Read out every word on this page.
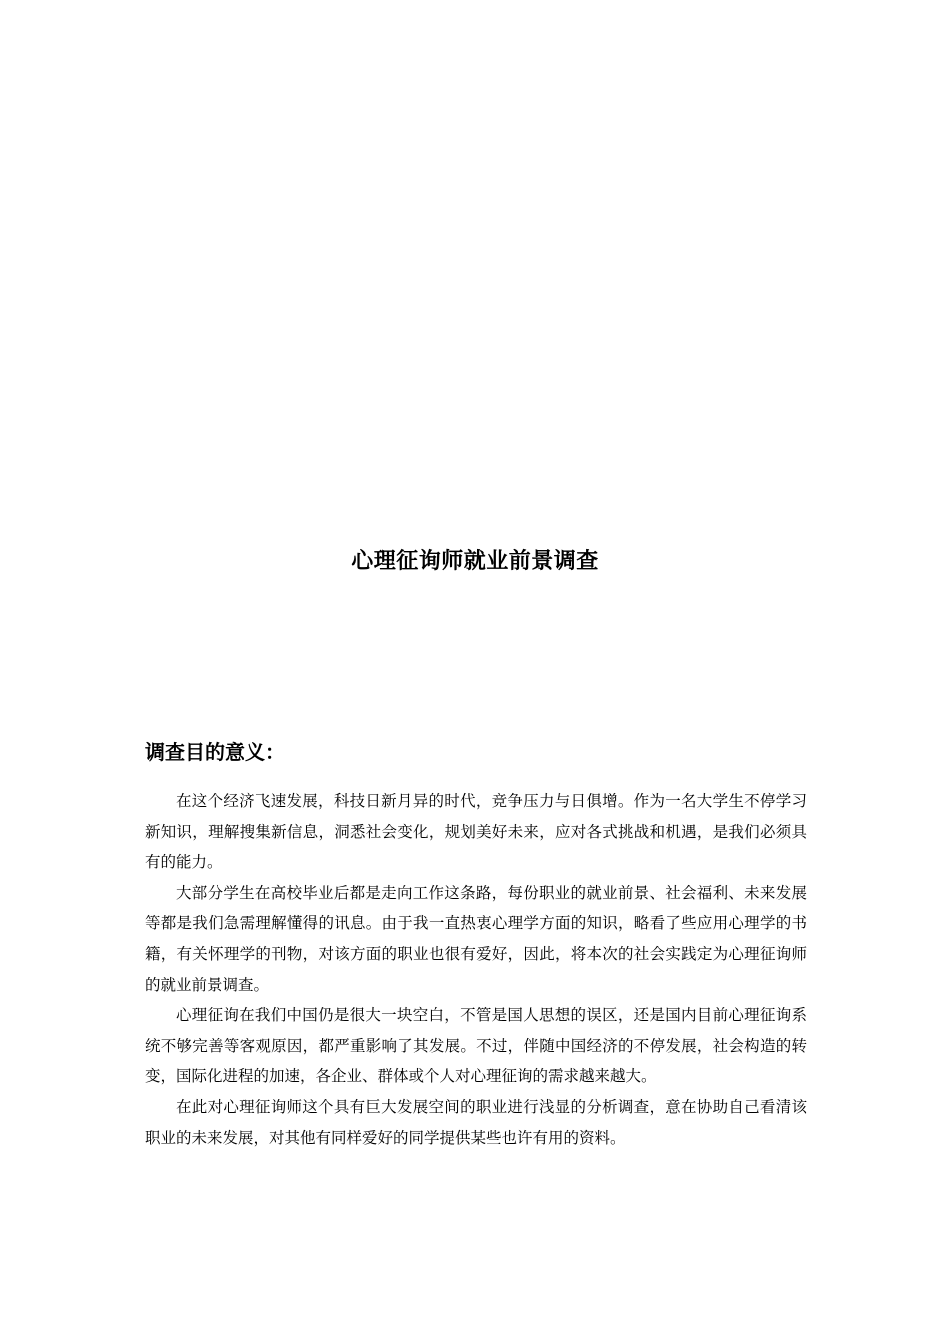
心理征询师就业前景调查
调查目的意义：

在这个经济飞速发展，科技日新月异的时代，竞争压力与日俱增。作为一名大学生不停学习新知识，理解搜集新信息，洞悉社会变化，规划美好未来，应对各式挑战和机遇，是我们必须具有的能力。

大部分学生在高校毕业后都是走向工作这条路，每份职业的就业前景、社会福利、未来发展等都是我们急需理解懂得的讯息。由于我一直热衷心理学方面的知识，略看了些应用心理学的书籍，有关怀理学的刊物，对该方面的职业也很有爱好，因此，将本次的社会实践定为心理征询师的就业前景调查。

心理征询在我们中国仍是很大一块空白，不管是国人思想的误区，还是国内目前心理征询系统不够完善等客观原因，都严重影响了其发展。不过，伴随中国经济的不停发展，社会构造的转变，国际化进程的加速，各企业、群体或个人对心理征询的需求越来越大。

在此对心理征询师这个具有巨大发展空间的职业进行浅显的分析调查，意在协助自己看清该职业的未来发展，对其他有同样爱好的同学提供某些也许有用的资料。
